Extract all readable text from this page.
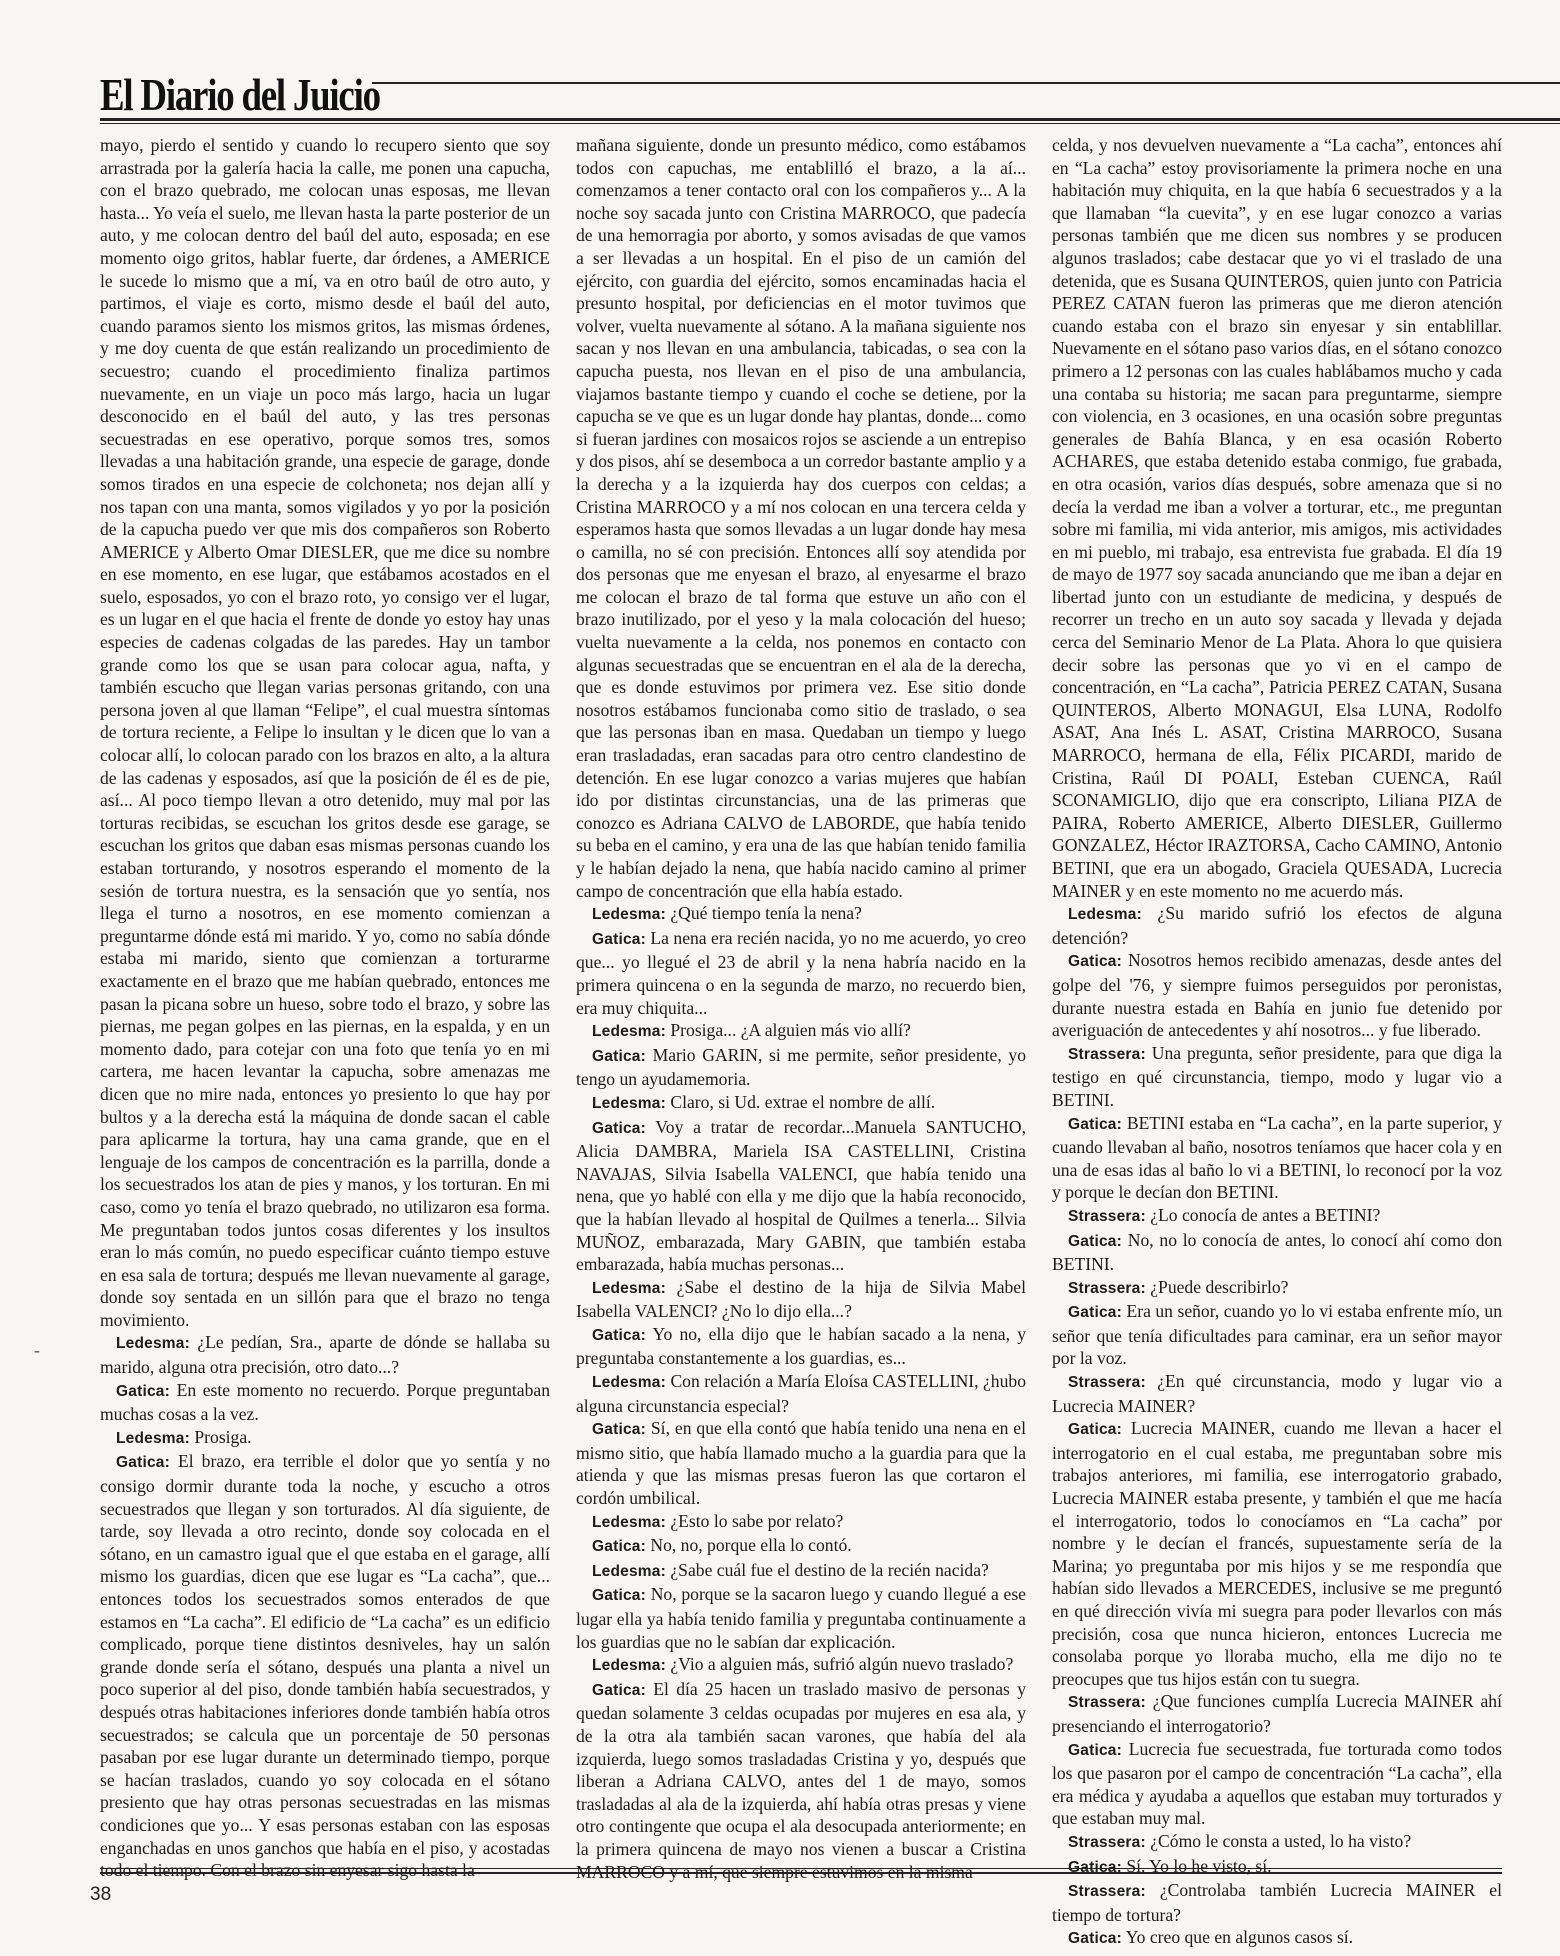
El Diario del Juicio

mayo, pierdo el sentido y cuando lo recupero siento que soy arrastrada por la galería hacia la calle, me ponen una capucha, con el brazo quebrado, me colocan unas esposas, me llevan hasta... Yo veía el suelo, me llevan hasta la parte posterior de un auto, y me colocan dentro del baúl del auto, esposada; en ese momento oigo gritos, hablar fuerte, dar órdenes, a AMERICE le sucede lo mismo que a mí, va en otro baúl de otro auto, y partimos, el viaje es corto, mismo desde el baúl del auto, cuando paramos siento los mismos gritos, las mismas órdenes, y me doy cuenta de que están realizando un procedimiento de secuestro; cuando el procedimiento finaliza partimos nuevamente, en un viaje un poco más largo, hacia un lugar desconocido en el baúl del auto, y las tres personas secuestradas en ese operativo, porque somos tres, somos llevadas a una habitación grande, una especie de garage, donde somos tirados en una especie de colchoneta; nos dejan allí y nos tapan con una manta, somos vigilados y yo por la posición de la capucha puedo ver que mis dos compañeros son Roberto AMERICE y Alberto Omar DIESLER, que me dice su nombre en ese momento, en ese lugar, que estábamos acostados en el suelo, esposados, yo con el brazo roto, yo consigo ver el lugar, es un lugar en el que hacia el frente de donde yo estoy hay unas especies de cadenas colgadas de las paredes. Hay un tambor grande como los que se usan para colocar agua, nafta, y también escucho que llegan varias personas gritando, con una persona joven al que llaman “Felipe”, el cual muestra síntomas de tortura reciente, a Felipe lo insultan y le dicen que lo van a colocar allí, lo colocan parado con los brazos en alto, a la altura de las cadenas y esposados, así que la posición de él es de pie, así... Al poco tiempo llevan a otro detenido, muy mal por las torturas recibidas, se escuchan los gritos desde ese garage, se escuchan los gritos que daban esas mismas personas cuando los estaban torturando, y nosotros esperando el momento de la sesión de tortura nuestra, es la sensación que yo sentía, nos llega el turno a nosotros, en ese momento comienzan a preguntarme dónde está mi marido. Y yo, como no sabía dónde estaba mi marido, siento que comienzan a torturarme exactamente en el brazo que me habían quebrado, entonces me pasan la picana sobre un hueso, sobre todo el brazo, y sobre las piernas, me pegan golpes en las piernas, en la espalda, y en un momento dado, para cotejar con una foto que tenía yo en mi cartera, me hacen levantar la capucha, sobre amenazas me dicen que no mire nada, entonces yo presiento lo que hay por bultos y a la derecha está la máquina de donde sacan el cable para aplicarme la tortura, hay una cama grande, que en el lenguaje de los campos de concentración es la parrilla, donde a los secuestrados los atan de pies y manos, y los torturan. En mi caso, como yo tenía el brazo quebrado, no utilizaron esa forma. Me preguntaban todos juntos cosas diferentes y los insultos eran lo más común, no puedo especificar cuánto tiempo estuve en esa sala de tortura; después me llevan nuevamente al garage, donde soy sentada en un sillón para que el brazo no tenga movimiento.

Ledesma: ¿Le pedían, Sra., aparte de dónde se hallaba su marido, alguna otra precisión, otro dato...?

Gatica: En este momento no recuerdo. Porque preguntaban muchas cosas a la vez.

Ledesma: Prosiga.

Gatica: El brazo, era terrible el dolor que yo sentía y no consigo dormir durante toda la noche, y escucho a otros secuestrados que llegan y son torturados. Al día siguiente, de tarde, soy llevada a otro recinto, donde soy colocada en el sótano, en un camastro igual que el que estaba en el garage, allí mismo los guardias, dicen que ese lugar es “La cacha”, que... entonces todos los secuestrados somos enterados de que estamos en “La cacha”. El edificio de “La cacha” es un edificio complicado, porque tiene distintos desniveles, hay un salón grande donde sería el sótano, después una planta a nivel un poco superior al del piso, donde también había secuestrados, y después otras habitaciones inferiores donde también había otros secuestrados; se calcula que un porcentaje de 50 personas pasaban por ese lugar durante un determinado tiempo, porque se hacían traslados, cuando yo soy colocada en el sótano presiento que hay otras personas secuestradas en las mismas condiciones que yo... Y esas personas estaban con las esposas enganchadas en unos ganchos que había en el piso, y acostadas todo el tiempo. Con el brazo sin enyesar sigo hasta la

mañana siguiente, donde un presunto médico, como estábamos todos con capuchas, me entablilló el brazo, a la aí... comenzamos a tener contacto oral con los compañeros y... A la noche soy sacada junto con Cristina MARROCO, que padecía de una hemorragia por aborto, y somos avisadas de que vamos a ser llevadas a un hospital. En el piso de un camión del ejército, con guardia del ejército, somos encaminadas hacia el presunto hospital, por deficiencias en el motor tuvimos que volver, vuelta nuevamente al sótano. A la mañana siguiente nos sacan y nos llevan en una ambulancia, tabicadas, o sea con la capucha puesta, nos llevan en el piso de una ambulancia, viajamos bastante tiempo y cuando el coche se detiene, por la capucha se ve que es un lugar donde hay plantas, donde... como si fueran jardines con mosaicos rojos se asciende a un entrepiso y dos pisos, ahí se desemboca a un corredor bastante amplio y a la derecha y a la izquierda hay dos cuerpos con celdas; a Cristina MARROCO y a mí nos colocan en una tercera celda y esperamos hasta que somos llevadas a un lugar donde hay mesa o camilla, no sé con precisión. Entonces allí soy atendida por dos personas que me enyesan el brazo, al enyesarme el brazo me colocan el brazo de tal forma que estuve un año con el brazo inutilizado, por el yeso y la mala colocación del hueso; vuelta nuevamente a la celda, nos ponemos en contacto con algunas secuestradas que se encuentran en el ala de la derecha, que es donde estuvimos por primera vez. Ese sitio donde nosotros estábamos funcionaba como sitio de traslado, o sea que las personas iban en masa. Quedaban un tiempo y luego eran trasladadas, eran sacadas para otro centro clandestino de detención. En ese lugar conozco a varias mujeres que habían ido por distintas circunstancias, una de las primeras que conozco es Adriana CALVO de LABORDE, que había tenido su beba en el camino, y era una de las que habían tenido familia y le habían dejado la nena, que había nacido camino al primer campo de concentración que ella había estado.

Ledesma: ¿Qué tiempo tenía la nena?

Gatica: La nena era recién nacida, yo no me acuerdo, yo creo que... yo llegué el 23 de abril y la nena habría nacido en la primera quincena o en la segunda de marzo, no recuerdo bien, era muy chiquita...

Ledesma: Prosiga... ¿A alguien más vio allí?

Gatica: Mario GARIN, si me permite, señor presidente, yo tengo un ayudamemoria.

Ledesma: Claro, si Ud. extrae el nombre de allí.

Gatica: Voy a tratar de recordar...Manuela SANTUCHO, Alicia DAMBRA, Mariela ISA CASTELLINI, Cristina NAVAJAS, Silvia Isabella VALENCI, que había tenido una nena, que yo hablé con ella y me dijo que la había reconocido, que la habían llevado al hospital de Quilmes a tenerla... Silvia MUÑOZ, embarazada, Mary GABIN, que también estaba embarazada, había muchas personas...

Ledesma: ¿Sabe el destino de la hija de Silvia Mabel Isabella VALENCI? ¿No lo dijo ella...?

Gatica: Yo no, ella dijo que le habían sacado a la nena, y preguntaba constantemente a los guardias, es...

Ledesma: Con relación a María Eloísa CASTELLINI, ¿hubo alguna circunstancia especial?

Gatica: Sí, en que ella contó que había tenido una nena en el mismo sitio, que había llamado mucho a la guardia para que la atienda y que las mismas presas fueron las que cortaron el cordón umbilical.

Ledesma: ¿Esto lo sabe por relato?

Gatica: No, no, porque ella lo contó.

Ledesma: ¿Sabe cuál fue el destino de la recién nacida?

Gatica: No, porque se la sacaron luego y cuando llegué a ese lugar ella ya había tenido familia y preguntaba continuamente a los guardias que no le sabían dar explicación.

Ledesma: ¿Vio a alguien más, sufrió algún nuevo traslado?

Gatica: El día 25 hacen un traslado masivo de personas y quedan solamente 3 celdas ocupadas por mujeres en esa ala, y de la otra ala también sacan varones, que había del ala izquierda, luego somos trasladadas Cristina y yo, después que liberan a Adriana CALVO, antes del 1 de mayo, somos trasladadas al ala de la izquierda, ahí había otras presas y viene otro contingente que ocupa el ala desocupada anteriormente; en la primera quincena de mayo nos vienen a buscar a Cristina MARROCO y a mí, que siempre estuvimos en la misma

celda, y nos devuelven nuevamente a “La cacha”, entonces ahí en “La cacha” estoy provisoriamente la primera noche en una habitación muy chiquita, en la que había 6 secuestrados y a la que llamaban “la cuevita”, y en ese lugar conozco a varias personas también que me dicen sus nombres y se producen algunos traslados; cabe destacar que yo vi el traslado de una detenida, que es Susana QUINTEROS, quien junto con Patricia PEREZ CATAN fueron las primeras que me dieron atención cuando estaba con el brazo sin enyesar y sin entablillar. Nuevamente en el sótano paso varios días, en el sótano conozco primero a 12 personas con las cuales hablábamos mucho y cada una contaba su historia; me sacan para preguntarme, siempre con violencia, en 3 ocasiones, en una ocasión sobre preguntas generales de Bahía Blanca, y en esa ocasión Roberto ACHARES, que estaba detenido estaba conmigo, fue grabada, en otra ocasión, varios días después, sobre amenaza que si no decía la verdad me iban a volver a torturar, etc., me preguntan sobre mi familia, mi vida anterior, mis amigos, mis actividades en mi pueblo, mi trabajo, esa entrevista fue grabada. El día 19 de mayo de 1977 soy sacada anunciando que me iban a dejar en libertad junto con un estudiante de medicina, y después de recorrer un trecho en un auto soy sacada y llevada y dejada cerca del Seminario Menor de La Plata. Ahora lo que quisiera decir sobre las personas que yo vi en el campo de concentración, en “La cacha”, Patricia PEREZ CATAN, Susana QUINTEROS, Alberto MONAGUI, Elsa LUNA, Rodolfo ASAT, Ana Inés L. ASAT, Cristina MARROCO, Susana MARROCO, hermana de ella, Félix PICARDI, marido de Cristina, Raúl DI POALI, Esteban CUENCA, Raúl SCONAMIGLIO, dijo que era conscripto, Liliana PIZA de PAIRA, Roberto AMERICE, Alberto DIESLER, Guillermo GONZALEZ, Héctor IRAZTORSA, Cacho CAMINO, Antonio BETINI, que era un abogado, Graciela QUESADA, Lucrecia MAINER y en este momento no me acuerdo más.

Ledesma: ¿Su marido sufrió los efectos de alguna detención?

Gatica: Nosotros hemos recibido amenazas, desde antes del golpe del '76, y siempre fuimos perseguidos por peronistas, durante nuestra estada en Bahía en junio fue detenido por averiguación de antecedentes y ahí nosotros... y fue liberado.

Strassera: Una pregunta, señor presidente, para que diga la testigo en qué circunstancia, tiempo, modo y lugar vio a BETINI.

Gatica: BETINI estaba en “La cacha”, en la parte superior, y cuando llevaban al baño, nosotros teníamos que hacer cola y en una de esas idas al baño lo vi a BETINI, lo reconocí por la voz y porque le decían don BETINI.

Strassera: ¿Lo conocía de antes a BETINI?

Gatica: No, no lo conocía de antes, lo conocí ahí como don BETINI.

Strassera: ¿Puede describirlo?

Gatica: Era un señor, cuando yo lo vi estaba enfrente mío, un señor que tenía dificultades para caminar, era un señor mayor por la voz.

Strassera: ¿En qué circunstancia, modo y lugar vio a Lucrecia MAINER?

Gatica: Lucrecia MAINER, cuando me llevan a hacer el interrogatorio en el cual estaba, me preguntaban sobre mis trabajos anteriores, mi familia, ese interrogatorio grabado, Lucrecia MAINER estaba presente, y también el que me hacía el interrogatorio, todos lo conocíamos en “La cacha” por nombre y le decían el francés, supuestamente sería de la Marina; yo preguntaba por mis hijos y se me respondía que habían sido llevados a MERCEDES, inclusive se me preguntó en qué dirección vivía mi suegra para poder llevarlos con más precisión, cosa que nunca hicieron, entonces Lucrecia me consolaba porque yo lloraba mucho, ella me dijo no te preocupes que tus hijos están con tu suegra.

Strassera: ¿Que funciones cumplía Lucrecia MAINER ahí presenciando el interrogatorio?

Gatica: Lucrecia fue secuestrada, fue torturada como todos los que pasaron por el campo de concentración “La cacha”, ella era médica y ayudaba a aquellos que estaban muy torturados y que estaban muy mal.

Strassera: ¿Cómo le consta a usted, lo ha visto?

Gatica: Sí. Yo lo he visto, sí.

Strassera: ¿Controlaba también Lucrecia MAINER el tiempo de tortura?

Gatica: Yo creo que en algunos casos sí.

-
38
